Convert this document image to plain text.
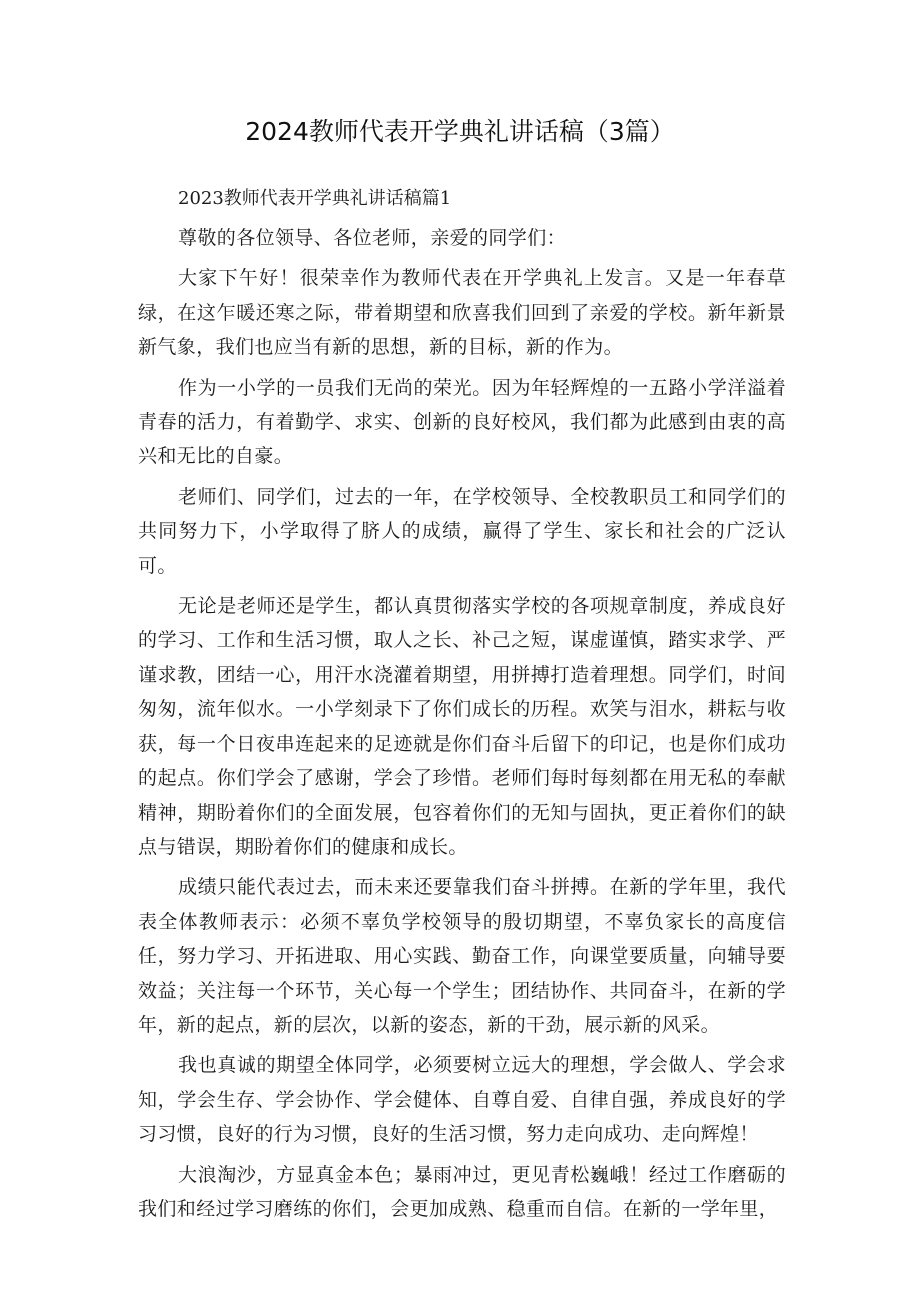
2024教师代表开学典礼讲话稿（3篇）

2023教师代表开学典礼讲话稿篇1

尊敬的各位领导、各位老师，亲爱的同学们：

大家下午好！很荣幸作为教师代表在开学典礼上发言。又是一年春草绿，在这乍暖还寒之际，带着期望和欣喜我们回到了亲爱的学校。新年新景新气象，我们也应当有新的思想，新的目标，新的作为。

作为一小学的一员我们无尚的荣光。因为年轻辉煌的一五路小学洋溢着青春的活力，有着勤学、求实、创新的良好校风，我们都为此感到由衷的高兴和无比的自豪。

老师们、同学们，过去的一年，在学校领导、全校教职员工和同学们的共同努力下，小学取得了脐人的成绩，赢得了学生、家长和社会的广泛认可。

无论是老师还是学生，都认真贯彻落实学校的各项规章制度，养成良好的学习、工作和生活习惯，取人之长、补己之短，谋虚谨慎，踏实求学、严谨求教，团结一心，用汗水浇灌着期望，用拼搏打造着理想。同学们，时间匆匆，流年似水。一小学刻录下了你们成长的历程。欢笑与泪水，耕耘与收获，每一个日夜串连起来的足迹就是你们奋斗后留下的印记，也是你们成功的起点。你们学会了感谢，学会了珍惜。老师们每时每刻都在用无私的奉献精神，期盼着你们的全面发展，包容着你们的无知与固执，更正着你们的缺点与错误，期盼着你们的健康和成长。

成绩只能代表过去，而未来还要靠我们奋斗拼搏。在新的学年里，我代表全体教师表示：必须不辜负学校领导的殷切期望，不辜负家长的高度信任，努力学习、开拓进取、用心实践、勤奋工作，向课堂要质量，向辅导要效益；关注每一个环节，关心每一个学生；团结协作、共同奋斗，在新的学年，新的起点，新的层次，以新的姿态，新的干劲，展示新的风采。

我也真诚的期望全体同学，必须要树立远大的理想，学会做人、学会求知，学会生存、学会协作、学会健体、自尊自爱、自律自强，养成良好的学习习惯，良好的行为习惯，良好的生活习惯，努力走向成功、走向辉煌！

大浪淘沙，方显真金本色；暴雨冲过，更见青松巍峨！经过工作磨砺的我们和经过学习磨练的你们，会更加成熟、稳重而自信。在新的一学年里，
